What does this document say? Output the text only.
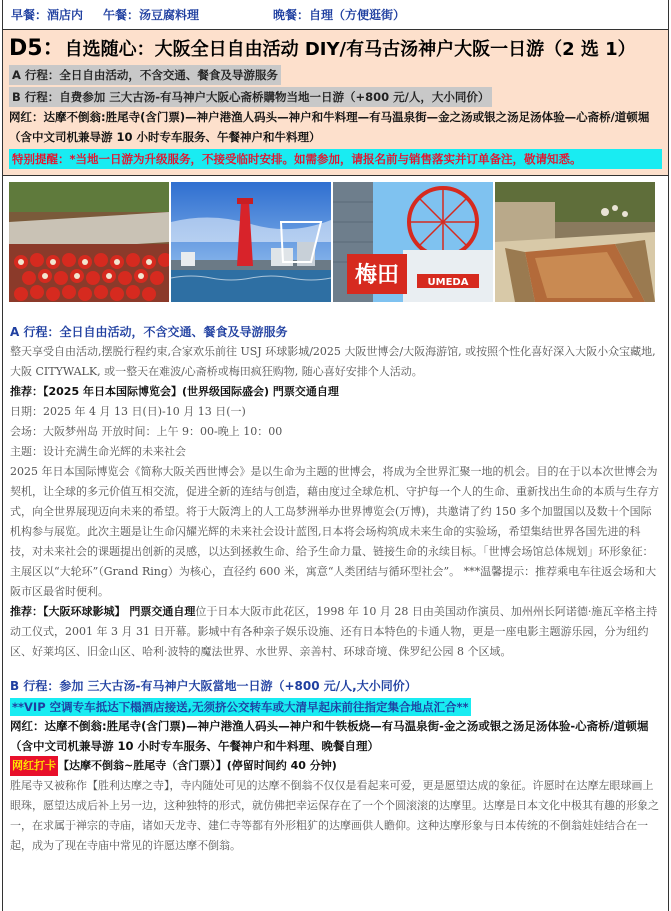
早餐：酒店内	午餐：汤豆腐料理	晚餐：自理（方便逛街）
D5：自选随心：大阪全日自由活动 DIY/有马古汤神户大阪一日游（2 选 1）
A 行程：全日自由活动，不含交通、餐食及导游服务
B 行程：自费参加 三大古汤-有马神户大阪心斋桥購物当地一日游（+800 元/人，大小同价）
网红：达摩不倒翁:胜尾寺(含门票)—神户港渔人码头—神户和牛料理—有马温泉街—金之汤或银之汤足汤体验—心斋桥/道顿堀（含中文司机兼导游 10 小时专车服务、午餐神户和牛料理）
特别提醒：*当地一日游为升级服务，不接受临时安排。如需参加，请报名前与销售落实并订单备注，敬请知悉。
梅田	UMEDA
A 行程：全日自由活动，不含交通、餐食及导游服务
整天享受自由活动,摆脱行程约束,合家欢乐前往 USJ 环球影城/2025 大阪世博会/大阪海游馆, 或按照个性化喜好深入大阪小众宝藏地, 大阪 CITYWALK, 或一整天在难波/心斋桥或梅田疯狂购物, 随心喜好安排个人活动。
推荐：【2025 年日本国际博览会】(世界级国际盛会) 門票交通自理
日期：2025 年 4 月 13 日(日)-10 月 13 日(一)
会场：大阪梦州岛 开放时间：上午 9：00-晚上 10：00
主题：设计充满生命光辉的未来社会
2025 年日本国际博览会《简称大阪关西世博会》是以生命为主题的世博会，将成为全世界汇聚一地的机会。目的在于以本次世博会为契机，让全球的多元价值互相交流，促进全新的连结与创造，藉由度过全球危机、守护每一个人的生命、重新找出生命的本质与生存方式，向全世界展现迈向未来的希望。将于大阪湾上的人工岛梦洲举办世界博览会(万博)，共邀请了约 150 多个加盟国以及数十个国际机构参与展览。此次主题是让生命闪耀光辉的未来社会设计蓝图,日本将会场构筑成未来生命的实验场，希望集结世界各国先进的科技，对未来社会的课题提出创新的灵感，以达到拯救生命、给予生命力量、链接生命的永续目标。「世博会场馆总体规划」环形象征：主展区以“大轮环”（Grand Ring）为核心，直径约 600 米，寓意“人类团结与循环型社会”。 ***温馨提示：推荐乘电车往返会场和大阪市区最省时便利。
推荐：【大阪环球影城】 門票交通自理位于日本大阪市此花区，1998 年 10 月 28 日由美国动作演员、加州州长阿诺德·施瓦辛格主持动工仪式，2001 年 3 月 31 日开幕。影城中有各种亲子娱乐设施、还有日本特色的卡通人物，更是一座电影主题游乐园，分为纽约区、好莱坞区、旧金山区、哈利·波特的魔法世界、水世界、亲善村、环球奇境、侏罗纪公园 8 个区域。
B 行程：参加 三大古汤-有马神户大阪當地一日游（+800 元/人,大小同价）
**VIP 空调专车抵达下榻酒店接送,无须挤公交转车或大清早起床前往指定集合地点汇合**
网红：达摩不倒翁:胜尾寺(含门票)—神户港渔人码头—神户和牛铁板烧—有马温泉街-金之汤或银之汤足汤体验-心斋桥/道顿堀（含中文司机兼导游 10 小时专车服务、午餐神户和牛料理、晚餐自理）
网红打卡 【达摩不倒翁~胜尾寺（含门票）】(停留时间约 40 分钟)
胜尾寺又被称作【胜利达摩之寺】，寺内随处可见的达摩不倒翁不仅仅是看起来可爱，更是愿望达成的象征。许愿时在达摩左眼球画上眼珠，愿望达成后补上另一边，这种独特的形式，就仿佛把幸运保存在了一个个圆滚滚的达摩里。达摩是日本文化中极其有趣的形象之一，在求属于禅宗的寺庙，诸如天龙寺、建仁寺等都有外形粗犷的达摩画供人瞻仰。这种达摩形象与日本传统的不倒翁娃娃结合在一起，成为了现在寺庙中常见的许愿达摩不倒翁。
